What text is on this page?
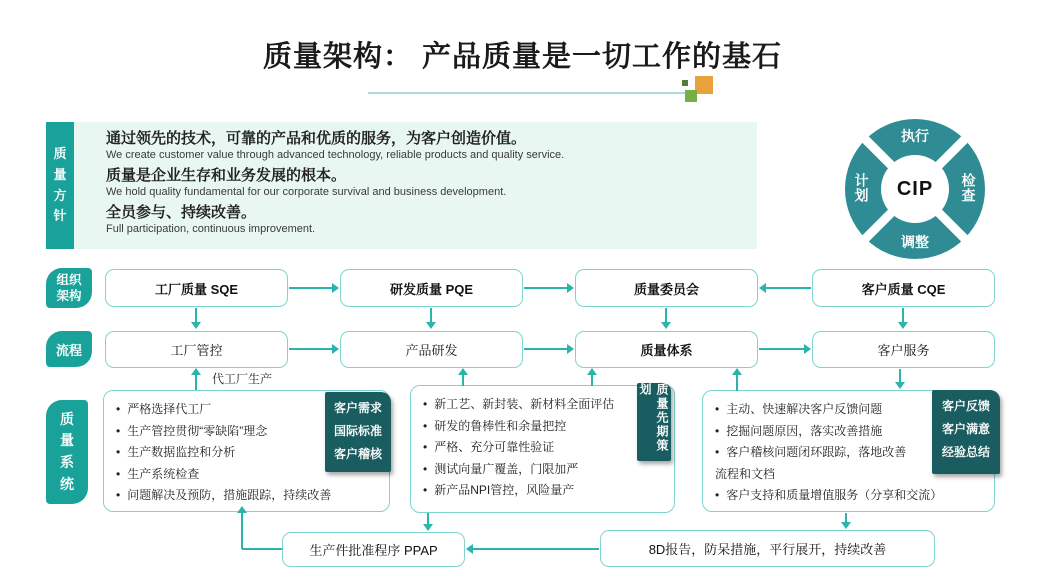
质量架构： 产品质量是一切工作的基石
质量方针
通过领先的技术，可靠的产品和优质的服务，为客户创造价值。
We create customer value through advanced technology, reliable products and quality service.
质量是企业生存和业务发展的根本。
We hold quality fundamental for our corporate survival and business development.
全员参与、持续改善。
Full participation, continuous improvement.
执行
检查
调整
计划	CIP
组织架构	工厂质量 SQE	研发质量 PQE	质量委员会	客户质量 CQE
流程	工厂管控	产品研发	质量体系	客户服务
代工厂生产
质量系统
• 严格选择代工厂
• 生产管控贯彻“零缺陷”理念
• 生产数据监控和分析
• 生产系统检查
• 问题解决及预防，措施跟踪，持续改善
客户需求
国际标准
客户稽核
• 新工艺、新封装、新材料全面评估
• 研发的鲁棒性和余量把控
• 严格、充分可靠性验证
• 测试向量广覆盖，门限加严
• 新产品NPI管控，风险量产
质量先期策划
• 主动、快速解决客户反馈问题
• 挖掘问题原因，落实改善措施
• 客户稽核问题闭环跟踪，落地改善流程和文档
• 客户支持和质量增值服务（分享和交流）
客户反馈
客户满意
经验总结
生产件批准程序 PPAP	8D报告，防呆措施，平行展开，持续改善
